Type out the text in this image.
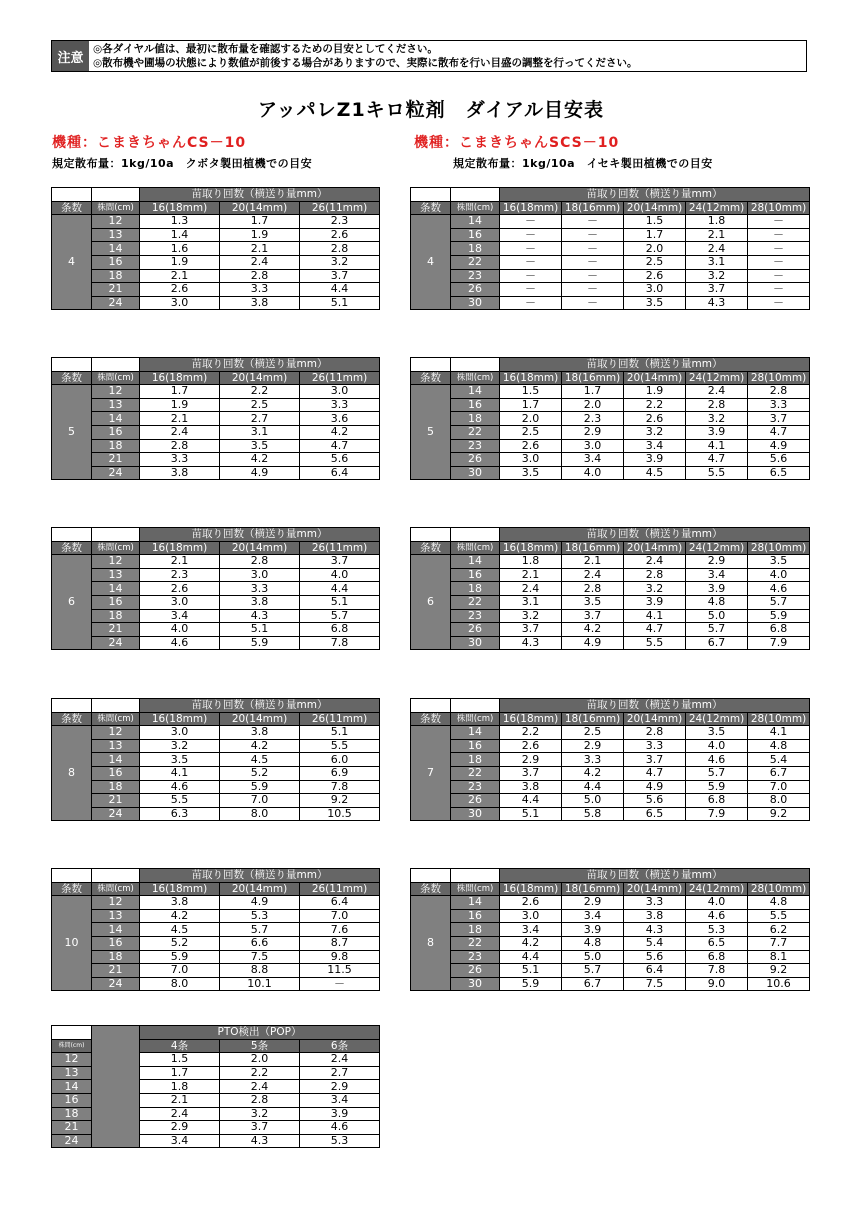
注意
◎各ダイヤル値は、最初に散布量を確認するための目安としてください。
◎散布機や圃場の状態により数値が前後する場合がありますので、実際に散布を行い目盛の調整を行ってください。
アッパレZ1キロ粒剤　ダイアル目安表
機種：こまきちゃんCS－10
規定散布量：1kg/10a　クボタ製田植機での目安
機種：こまきちゃんSCS－10
規定散布量：1kg/10a　イセキ製田植機での目安
		苗取り回数（横送り量mm）		
条数	株間(cm)	16(18mm)	20(14mm)	26(11mm)
4	12	1.3	1.7	2.3
	13	1.4	1.9	2.6
	14	1.6	2.1	2.8
	16	1.9	2.4	3.2
	18	2.1	2.8	3.7
	21	2.6	3.3	4.4
	24	3.0	3.8	5.1
		苗取り回数（横送り量mm）		
条数	株間(cm)	16(18mm)	20(14mm)	26(11mm)
5	12	1.7	2.2	3.0
	13	1.9	2.5	3.3
	14	2.1	2.7	3.6
	16	2.4	3.1	4.2
	18	2.8	3.5	4.7
	21	3.3	4.2	5.6
	24	3.8	4.9	6.4
		苗取り回数（横送り量mm）		
条数	株間(cm)	16(18mm)	20(14mm)	26(11mm)
6	12	2.1	2.8	3.7
	13	2.3	3.0	4.0
	14	2.6	3.3	4.4
	16	3.0	3.8	5.1
	18	3.4	4.3	5.7
	21	4.0	5.1	6.8
	24	4.6	5.9	7.8
		苗取り回数（横送り量mm）		
条数	株間(cm)	16(18mm)	20(14mm)	26(11mm)
8	12	3.0	3.8	5.1
	13	3.2	4.2	5.5
	14	3.5	4.5	6.0
	16	4.1	5.2	6.9
	18	4.6	5.9	7.8
	21	5.5	7.0	9.2
	24	6.3	8.0	10.5
		苗取り回数（横送り量mm）		
条数	株間(cm)	16(18mm)	20(14mm)	26(11mm)
10	12	3.8	4.9	6.4
	13	4.2	5.3	7.0
	14	4.5	5.7	7.6
	16	5.2	6.6	8.7
	18	5.9	7.5	9.8
	21	7.0	8.8	11.5
	24	8.0	10.1	－
		苗取り回数（横送り量mm）				
条数	株間(cm)	16(18mm)	18(16mm)	20(14mm)	24(12mm)	28(10mm)
4	14	－	－	1.5	1.8	－
	16	－	－	1.7	2.1	－
	18	－	－	2.0	2.4	－
	22	－	－	2.5	3.1	－
	23	－	－	2.6	3.2	－
	26	－	－	3.0	3.7	－
	30	－	－	3.5	4.3	－
		苗取り回数（横送り量mm）				
条数	株間(cm)	16(18mm)	18(16mm)	20(14mm)	24(12mm)	28(10mm)
5	14	1.5	1.7	1.9	2.4	2.8
	16	1.7	2.0	2.2	2.8	3.3
	18	2.0	2.3	2.6	3.2	3.7
	22	2.5	2.9	3.2	3.9	4.7
	23	2.6	3.0	3.4	4.1	4.9
	26	3.0	3.4	3.9	4.7	5.6
	30	3.5	4.0	4.5	5.5	6.5
		苗取り回数（横送り量mm）				
条数	株間(cm)	16(18mm)	18(16mm)	20(14mm)	24(12mm)	28(10mm)
6	14	1.8	2.1	2.4	2.9	3.5
	16	2.1	2.4	2.8	3.4	4.0
	18	2.4	2.8	3.2	3.9	4.6
	22	3.1	3.5	3.9	4.8	5.7
	23	3.2	3.7	4.1	5.0	5.9
	26	3.7	4.2	4.7	5.7	6.8
	30	4.3	4.9	5.5	6.7	7.9
		苗取り回数（横送り量mm）				
条数	株間(cm)	16(18mm)	18(16mm)	20(14mm)	24(12mm)	28(10mm)
7	14	2.2	2.5	2.8	3.5	4.1
	16	2.6	2.9	3.3	4.0	4.8
	18	2.9	3.3	3.7	4.6	5.4
	22	3.7	4.2	4.7	5.7	6.7
	23	3.8	4.4	4.9	5.9	7.0
	26	4.4	5.0	5.6	6.8	8.0
	30	5.1	5.8	6.5	7.9	9.2
		苗取り回数（横送り量mm）				
条数	株間(cm)	16(18mm)	18(16mm)	20(14mm)	24(12mm)	28(10mm)
8	14	2.6	2.9	3.3	4.0	4.8
	16	3.0	3.4	3.8	4.6	5.5
	18	3.4	3.9	4.3	5.3	6.2
	22	4.2	4.8	5.4	6.5	7.7
	23	4.4	5.0	5.6	6.8	8.1
	26	5.1	5.7	6.4	7.8	9.2
	30	5.9	6.7	7.5	9.0	10.6
		PTO検出（POP）		
株間(cm)		4条	5条	6条
12		1.5	2.0	2.4
13		1.7	2.2	2.7
14		1.8	2.4	2.9
16		2.1	2.8	3.4
18		2.4	3.2	3.9
21		2.9	3.7	4.6
24		3.4	4.3	5.3
